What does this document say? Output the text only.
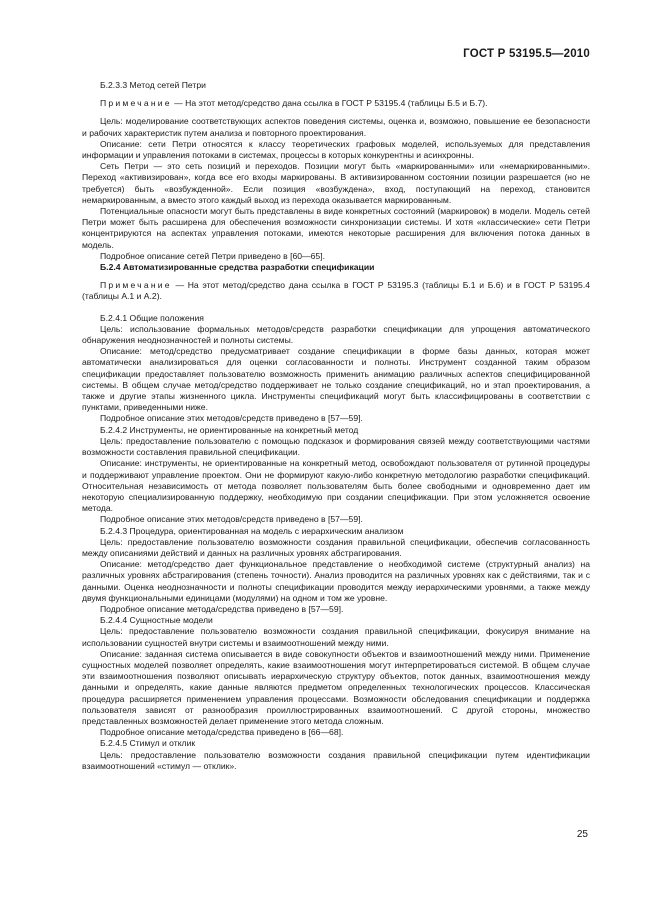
ГОСТ Р 53195.5—2010

Б.2.3.3 Метод сетей Петри

Примечание — На этот метод/средство дана ссылка в ГОСТ Р 53195.4 (таблицы Б.5 и Б.7).

Цель: моделирование соответствующих аспектов поведения системы, оценка и, возможно, повышение ее безопасности и рабочих характеристик путем анализа и повторного проектирования.

Описание: сети Петри относятся к классу теоретических графовых моделей, используемых для представления информации и управления потоками в системах, процессы в которых конкурентны и асинхронны.

Сеть Петри — это сеть позиций и переходов. Позиции могут быть «маркированными» или «немаркированными». Переход «активизирован», когда все его входы маркированы. В активизированном состоянии позиции разрешается (но не требуется) быть «возбужденной». Если позиция «возбуждена», вход, поступающий на переход, становится немаркированным, а вместо этого каждый выход из перехода оказывается маркированным.

Потенциальные опасности могут быть представлены в виде конкретных состояний (маркировок) в модели. Модель сетей Петри может быть расширена для обеспечения возможности синхронизации системы. И хотя «классические» сети Петри концентрируются на аспектах управления потоками, имеются некоторые расширения для включения потока данных в модель.

Подробное описание сетей Петри приведено в [60—65].

Б.2.4 Автоматизированные средства разработки спецификации

Примечание — На этот метод/средство дана ссылка в ГОСТ Р 53195.3 (таблицы Б.1 и Б.6) и в ГОСТ Р 53195.4 (таблицы А.1 и А.2).

Б.2.4.1 Общие положения

Цель: использование формальных методов/средств разработки спецификации для упрощения автоматического обнаружения неоднозначностей и полноты системы.

Описание: метод/средство предусматривает создание спецификации в форме базы данных, которая может автоматически анализироваться для оценки согласованности и полноты. Инструмент созданной таким образом спецификации предоставляет пользователю возможность применить анимацию различных аспектов специфицированной системы. В общем случае метод/средство поддерживает не только создание спецификаций, но и этап проектирования, а также и другие этапы жизненного цикла. Инструменты спецификаций могут быть классифицированы в соответствии с пунктами, приведенными ниже.

Подробное описание этих методов/средств приведено в [57—59].

Б.2.4.2 Инструменты, не ориентированные на конкретный метод

Цель: предоставление пользователю с помощью подсказок и формирования связей между соответствующими частями возможности составления правильной спецификации.

Описание: инструменты, не ориентированные на конкретный метод, освобождают пользователя от рутинной процедуры и поддерживают управление проектом. Они не формируют какую-либо конкретную методологию разработки спецификаций. Относительная независимость от метода позволяет пользователям быть более свободными и одновременно дает им некоторую специализированную поддержку, необходимую при создании спецификации. При этом усложняется освоение метода.

Подробное описание этих методов/средств приведено в [57—59].

Б.2.4.3 Процедура, ориентированная на модель с иерархическим анализом

Цель: предоставление пользователю возможности создания правильной спецификации, обеспечив согласованность между описаниями действий и данных на различных уровнях абстрагирования.

Описание: метод/средство дает функциональное представление о необходимой системе (структурный анализ) на различных уровнях абстрагирования (степень точности). Анализ проводится на различных уровнях как с действиями, так и с данными. Оценка неоднозначности и полноты спецификации проводится между иерархическими уровнями, а также между двумя функциональными единицами (модулями) на одном и том же уровне.

Подробное описание метода/средства приведено в [57—59].

Б.2.4.4 Сущностные модели

Цель: предоставление пользователю возможности создания правильной спецификации, фокусируя внимание на использовании сущностей внутри системы и взаимоотношений между ними.

Описание: заданная система описывается в виде совокупности объектов и взаимоотношений между ними. Применение сущностных моделей позволяет определять, какие взаимоотношения могут интерпретироваться системой. В общем случае эти взаимоотношения позволяют описывать иерархическую структуру объектов, поток данных, взаимоотношения между данными и определять, какие данные являются предметом определенных технологических процессов. Классическая процедура расширяется применением управления процессами. Возможности обследования спецификации и поддержка пользователя зависят от разнообразия проиллюстрированных взаимоотношений. С другой стороны, множество представленных возможностей делает применение этого метода сложным.

Подробное описание метода/средства приведено в [66—68].

Б.2.4.5 Стимул и отклик

Цель: предоставление пользователю возможности создания правильной спецификации путем идентификации взаимоотношений «стимул — отклик».

25
